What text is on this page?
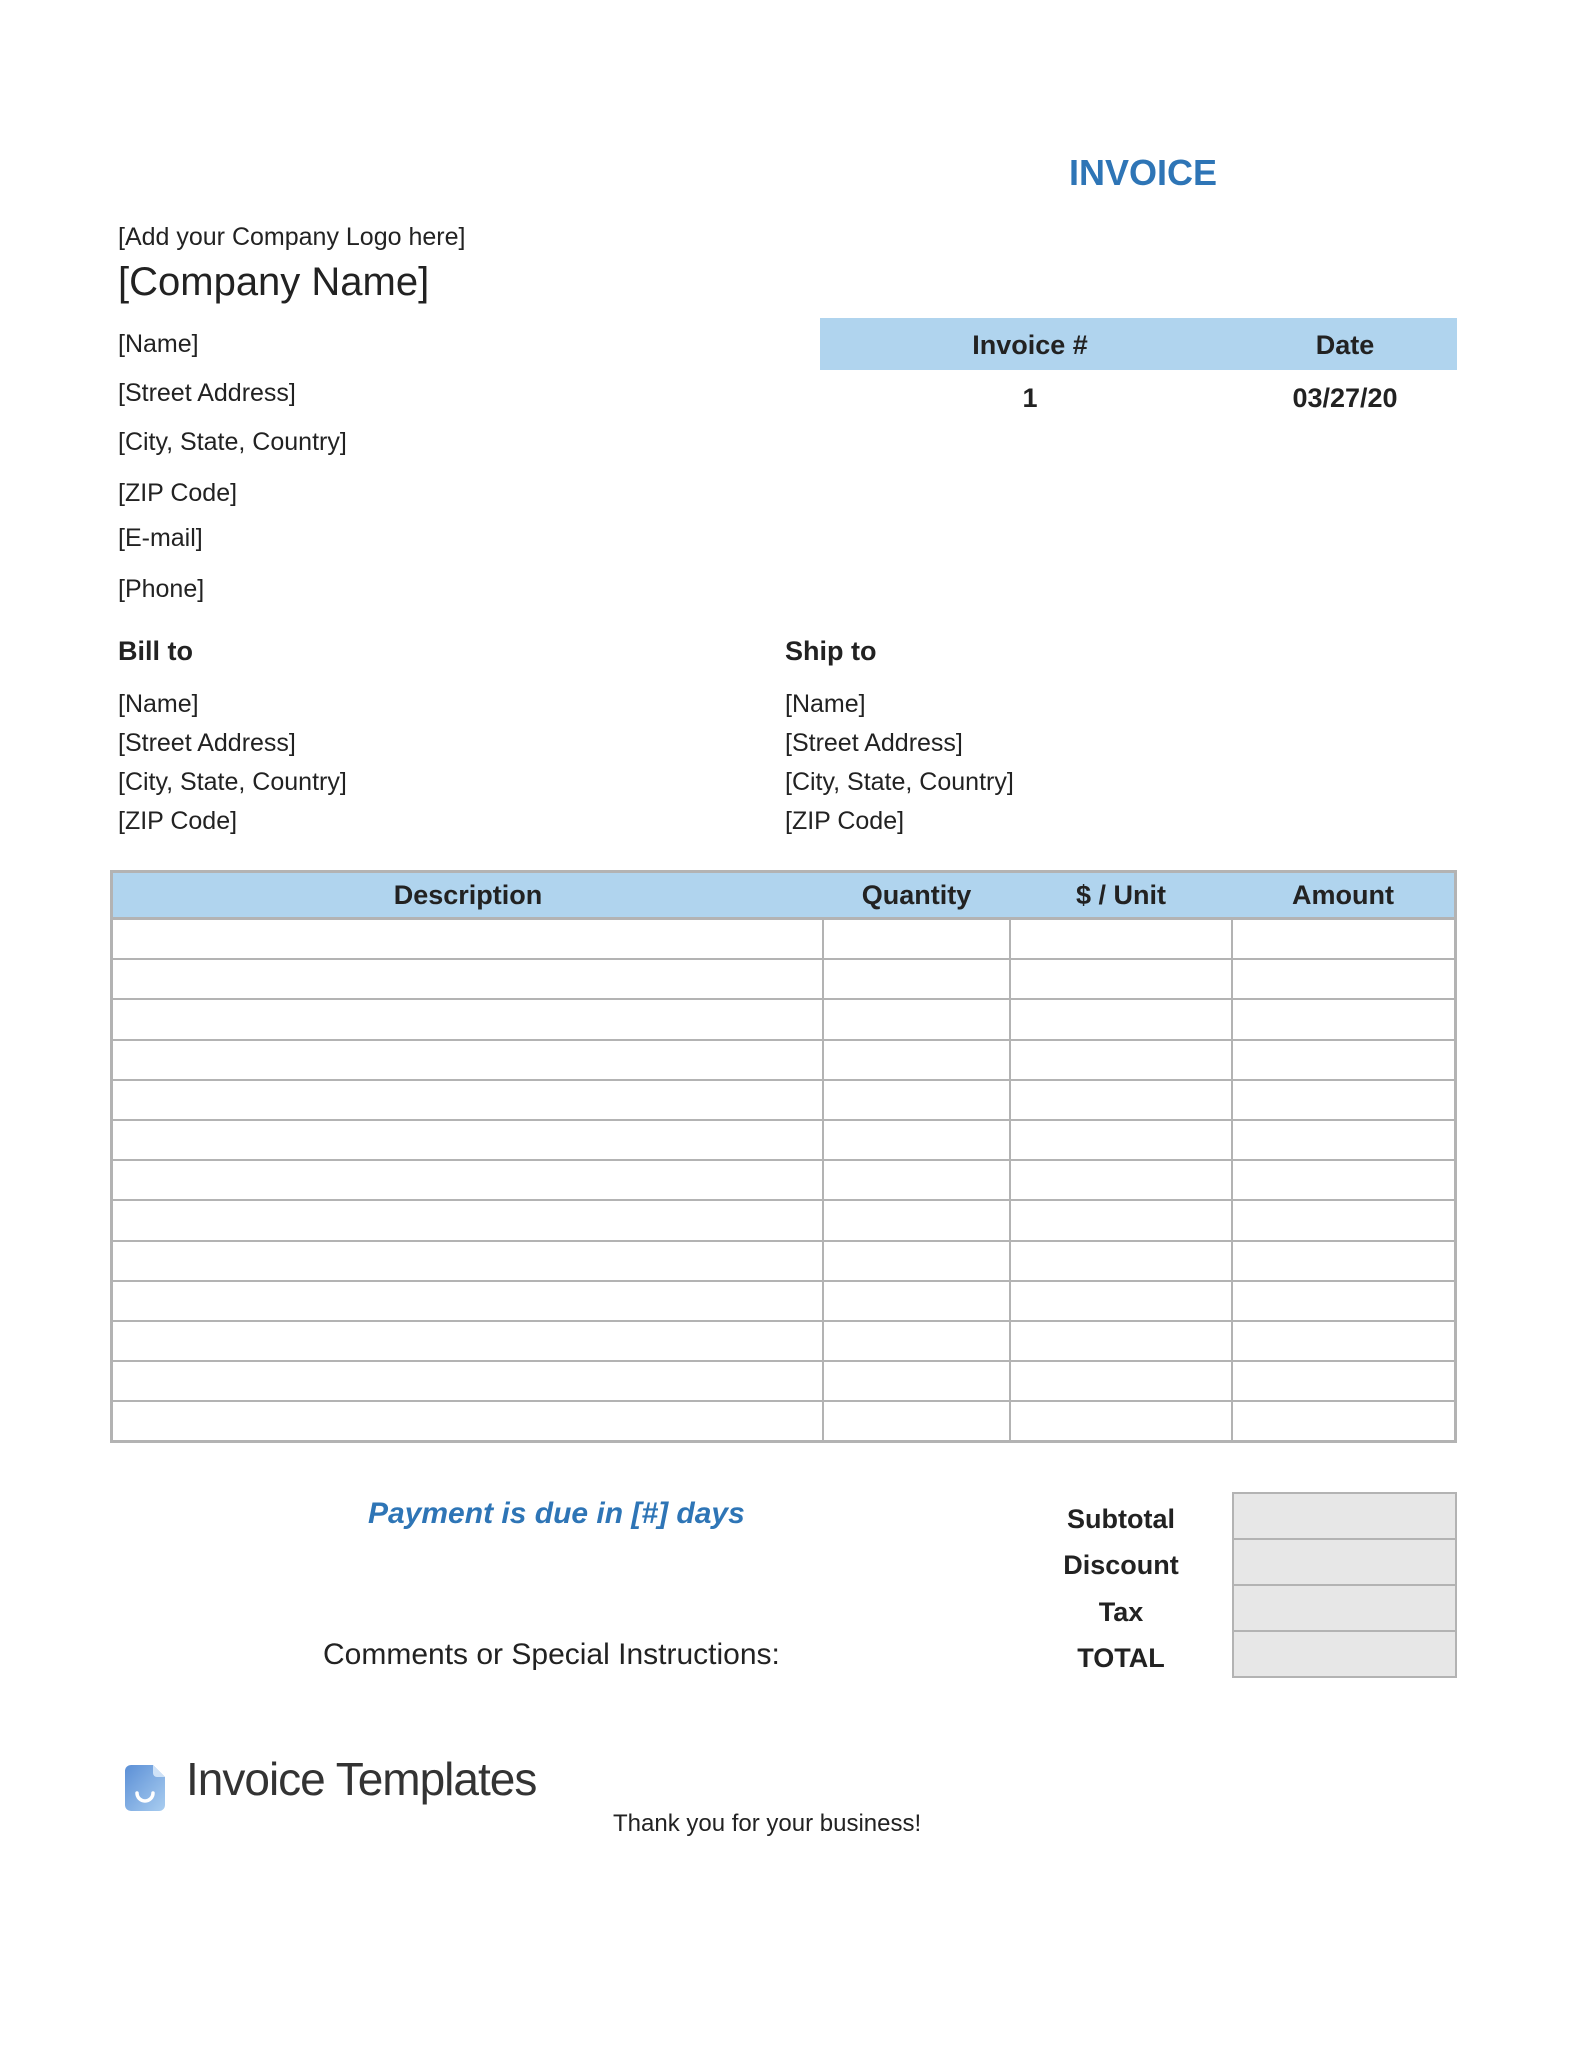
INVOICE
[Add your Company Logo here]
[Company Name]
[Name]
[Street Address]
[City, State, Country]
[ZIP Code]
[E-mail]
[Phone]
Invoice #	Date
1	03/27/20
Bill to
[Name]
[Street Address]
[City, State, Country]
[ZIP Code]
Ship to
[Name]
[Street Address]
[City, State, Country]
[ZIP Code]
Description	Quantity	$ / Unit	Amount

Payment is due in [#] days
Comments or Special Instructions:
Subtotal
Discount
Tax
TOTAL
Invoice Templates
Thank you for your business!
